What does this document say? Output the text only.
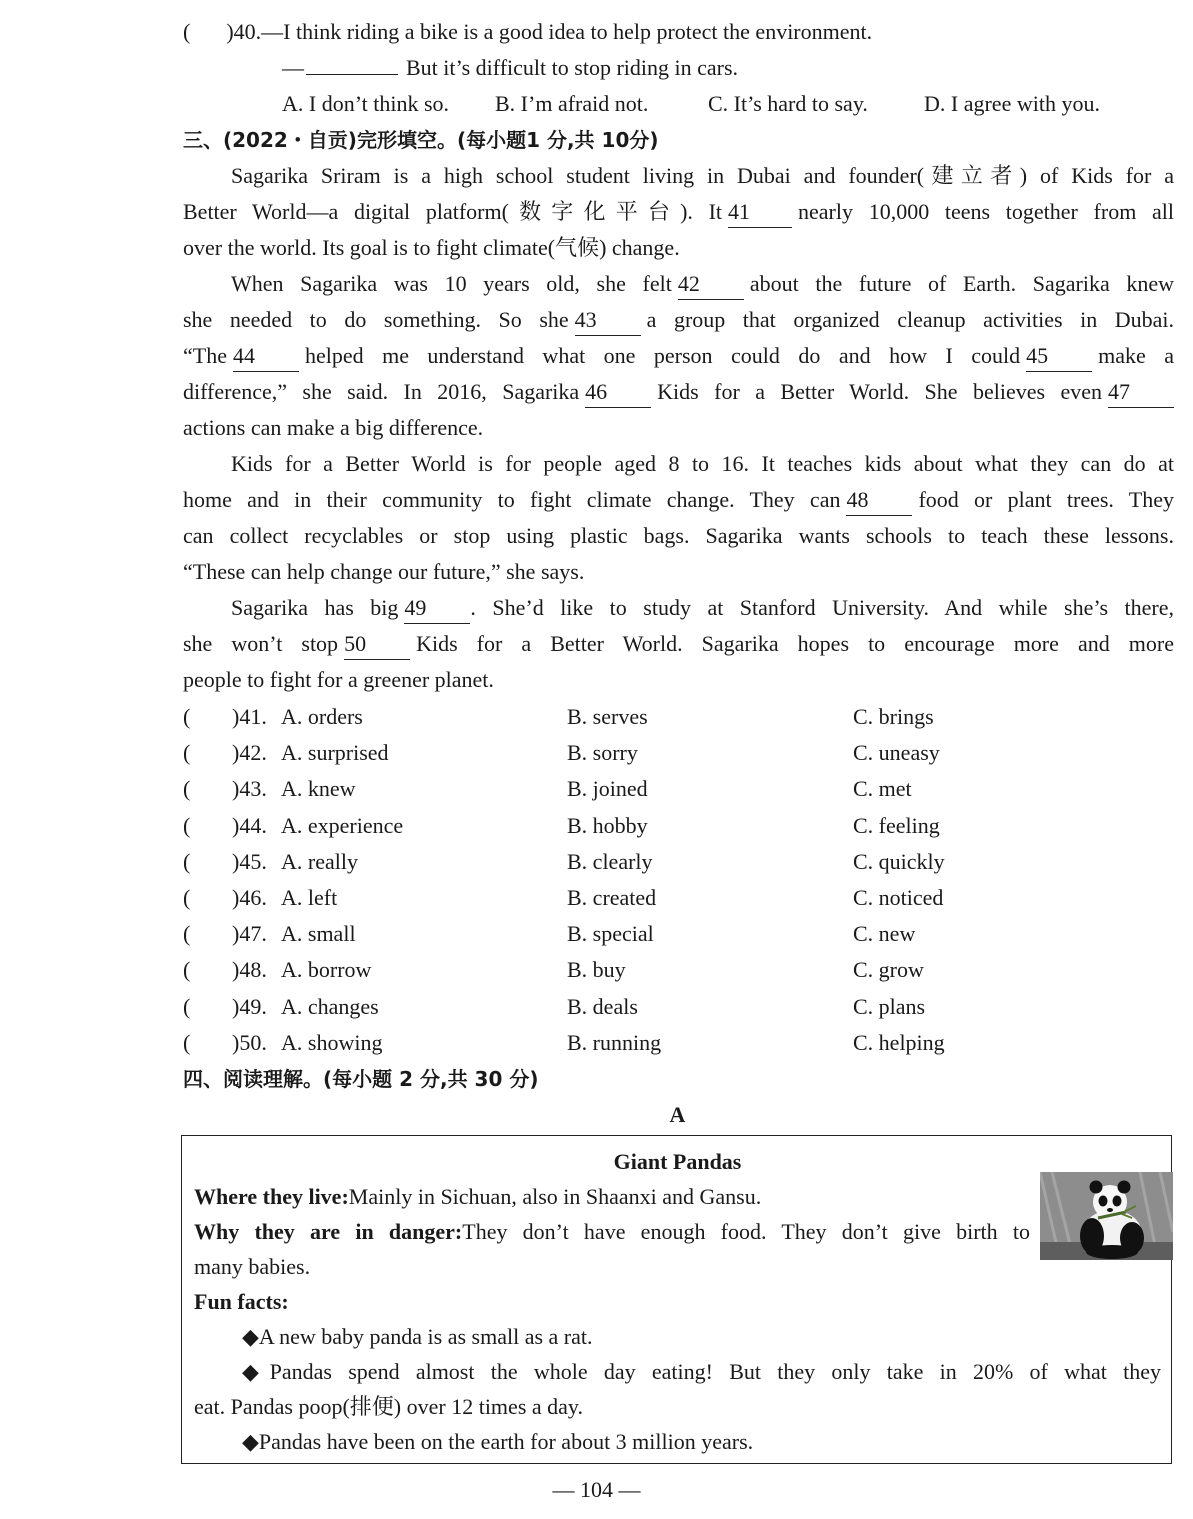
( )40.—I think riding a bike is a good idea to help protect the environment.
—	But it’s difficult to stop riding in cars.
A. I don’t think so. B. I’m afraid not.	C. It’s hard to say.	D. I agree with you.
三、(2022・自贡)完形填空。(每小题1 分,共 10分)
Sagarika Sriram is a high school student living in Dubai and founder(建立者) of Kids for a
Better World—a digital platform(数字化平台). It 41 nearly 10,000 teens together from all
over the world. Its goal is to fight climate(气候) change.
When Sagarika was 10 years old, she felt 42 about the future of Earth. Sagarika knew
she needed to do something. So she 43 a group that organized cleanup activities in Dubai.
“The 44 helped me understand what one person could do and how I could 45 make a
difference,” she said. In 2016, Sagarika 46 Kids for a Better World. She believes even 47
actions can make a big difference.
Kids for a Better World is for people aged 8 to 16. It teaches kids about what they can do at
home and in their community to fight climate change. They can 48 food or plant trees. They
can collect recyclables or stop using plastic bags. Sagarika wants schools to teach these lessons.
“These can help change our future,” she says.
Sagarika has big 49 . She’d like to study at Stanford University. And while she’s there,
she won’t stop 50 Kids for a Better World. Sagarika hopes to encourage more and more
people to fight for a greener planet.
( )41. A. orders	B. serves	C. brings
( )42. A. surprised	B. sorry	C. uneasy
( )43. A. knew	B. joined	C. met
( )44. A. experience	B. hobby	C. feeling
( )45. A. really	B. clearly	C. quickly
( )46. A. left	B. created	C. noticed
( )47. A. small	B. special	C. new
( )48. A. borrow	B. buy	C. grow
( )49. A. changes	B. deals	C. plans
( )50. A. showing	B. running	C. helping
四、阅读理解。(每小题 2 分,共 30 分)
A
Giant Pandas
Where they live:Mainly in Sichuan, also in Shaanxi and Gansu.
Why they are in danger:They don’t have enough food. They don’t give birth to
many babies.
Fun facts:
◆A new baby panda is as small as a rat.
◆Pandas spend almost the whole day eating! But they only take in 20% of what they
eat. Pandas poop(排便) over 12 times a day.
◆Pandas have been on the earth for about 3 million years.
— 104 —
